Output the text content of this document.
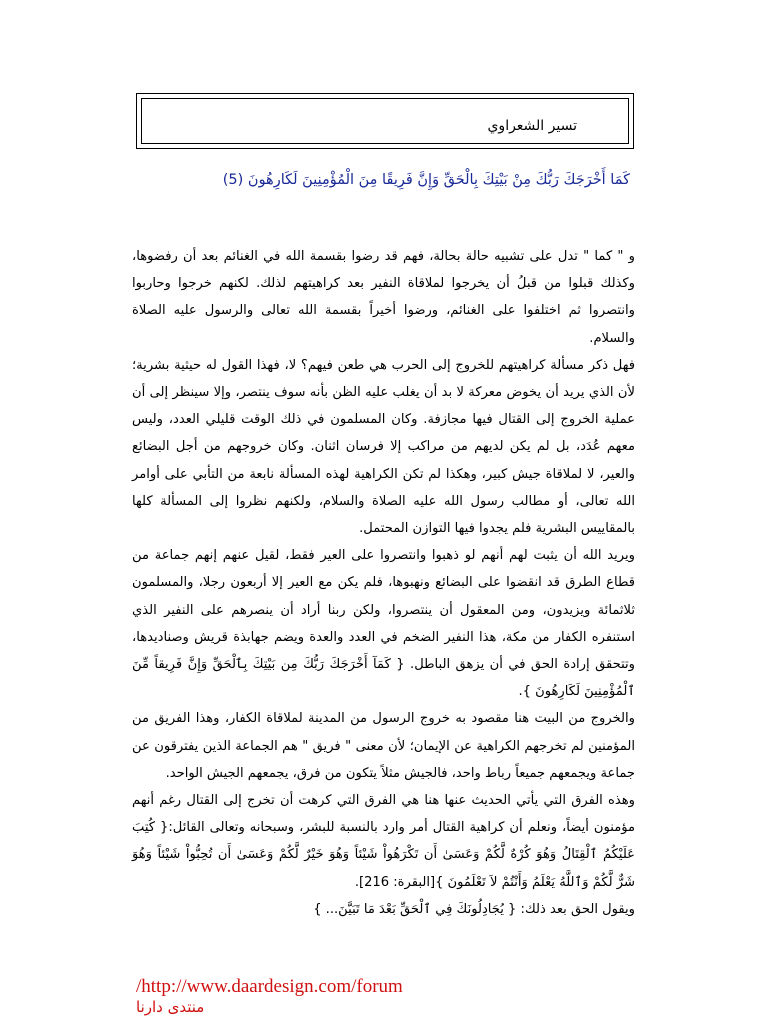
تسير الشعراوي
كَمَا أَخْرَجَكَ رَبُّكَ مِنْ بَيْتِكَ بِالْحَقِّ وَإِنَّ فَرِيقًا مِنَ الْمُؤْمِنِينَ لَكَارِهُونَ (5)

و " كما " تدل على تشبيه حالة بحالة، فهم قد رضوا بقسمة الله في الغنائم بعد أن رفضوها، وكذلك قبلوا من قبلُ أن يخرجوا لملاقاة النفير بعد كراهيتهم لذلك. لكنهم خرجوا وحاربوا وانتصروا ثم اختلفوا على الغنائم، ورضوا أخيراً بقسمة الله تعالى والرسول عليه الصلاة والسلام.

فهل ذكر مسألة كراهيتهم للخروج إلى الحرب هي طعن فيهم؟ لا، فهذا القول له حيثية بشرية؛ لأن الذي يريد أن يخوض معركة لا بد أن يغلب عليه الظن بأنه سوف ينتصر، وإلا سينظر إلى أن عملية الخروج إلى القتال فيها مجازفة. وكان المسلمون في ذلك الوقت قليلي العدد، وليس معهم عُدَد، بل لم يكن لديهم من مراكب إلا فرسان اثنان. وكان خروجهم من أجل البضائع والعير، لا لملاقاة جيش كبير، وهكذا لم تكن الكراهية لهذه المسألة نابعة من التأبي على أوامر الله تعالى، أو مطالب رسول الله عليه الصلاة والسلام، ولكنهم نظروا إلى المسألة كلها بالمقاييس البشرية فلم يجدوا فيها التوازن المحتمل.

ويريد الله أن يثبت لهم أنهم لو ذهبوا وانتصروا على العير فقط، لقيل عنهم إنهم جماعة من قطاع الطرق قد انقضوا على البضائع ونهبوها، فلم يكن مع العير إلا أربعون رجلا، والمسلمون ثلاثمائة ويزيدون، ومن المعقول أن ينتصروا، ولكن ربنا أراد أن ينصرهم على النفير الذي استنفره الكفار من مكة، هذا النفير الضخم في العدد والعدة ويضم جهابذة قريش وصناديدها، وتتحقق إرادة الحق في أن يزهق الباطل. { كَمَآ أَخْرَجَكَ رَبُّكَ مِن بَيْتِكَ بِٱلْحَقِّ وَإِنَّ فَرِيقاً مِّنَ ٱلْمُؤْمِنِينَ لَكَارِهُونَ }.

والخروج من البيت هنا مقصود به خروج الرسول من المدينة لملاقاة الكفار، وهذا الفريق من المؤمنين لم تخرجهم الكراهية عن الإيمان؛ لأن معنى " فريق " هم الجماعة الذين يفترقون عن جماعة ويجمعهم جميعاً رباط واحد، فالجيش مثلاً يتكون من فرق، يجمعهم الجيش الواحد.

وهذه الفرق التي يأتي الحديث عنها هنا هي الفرق التي كرهت أن تخرج إلى القتال رغم أنهم مؤمنون أيضاً، ونعلم أن كراهية القتال أمر وارد بالنسبة للبشر، وسبحانه وتعالى القائل:{ كُتِبَ عَلَيْكُمُ ٱلْقِتَالُ وَهُوَ كُرْهٌ لَّكُمْ وَعَسَىٰ أَن تَكْرَهُواْ شَيْئاً وَهُوَ خَيْرٌ لَّكُمْ وَعَسَىٰ أَن تُحِبُّواْ شَيْئاً وَهُوَ شَرٌّ لَّكُمْ وَٱللَّهُ يَعْلَمُ وَأَنْتُمْ لاَ تَعْلَمُونَ }[البقرة: 216].

ويقول الحق بعد ذلك: { يُجَادِلُونَكَ فِي ٱلْحَقِّ بَعْدَ مَا تَبَيَّنَ... }

/http://www.daardesign.com/forum
منتدى دارنا
